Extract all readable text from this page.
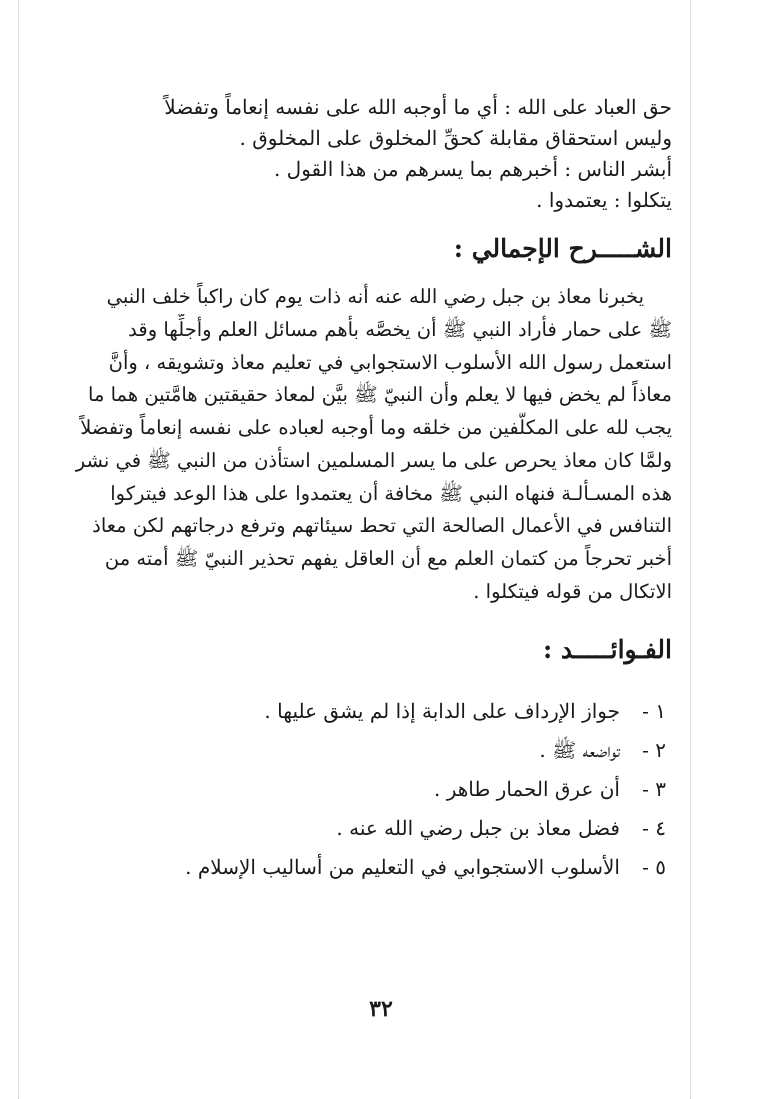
حق العباد على الله : أي ما أوجبه الله على نفسه إنعاماً وتفضلاً
وليس استحقاق مقابلة كحقِّ المخلوق على المخلوق .
أبشر الناس : أخبرهم بما يسرهم من هذا القول .
يتكلوا : يعتمدوا .
الشـــــرح الإجمالي :
يخبرنا معاذ بن جبل رضي الله عنه أنه ذات يوم كان راكباً خلف النبي
ﷺ على حمار فأراد النبي ﷺ أن يخصَّه بأهم مسائل العلم وأجلِّها وقد
استعمل رسول الله الأسلوب الاستجوابي في تعليم معاذ وتشويقه ، وأنَّ
معاذاً لم يخض فيها لا يعلم وأن النبيّ ﷺ بيَّن لمعاذ حقيقتين هامَّتين هما ما
يجب لله على المكلَّفين من خلقه وما أوجبه لعباده على نفسه إنعاماً وتفضلاً
ولمَّا كان معاذ يحرص على ما يسر المسلمين استأذن من النبي ﷺ في نشر
هذه المسـألـة فنهاه النبي ﷺ مخافة أن يعتمدوا على هذا الوعد فيتركوا
التنافس في الأعمال الصالحة التي تحط سيئاتهم وترفع درجاتهم لكن معاذ
أخبر تحرجاً من كتمان العلم مع أن العاقل يفهم تحذير النبيّ ﷺ أمته من
الاتكال من قوله فيتكلوا .
الفـوائـــــد :
١ -
جواز الإرداف على الدابة إذا لم يشق عليها .
٢ -
تواضعه ﷺ .
٣ -
أن عرق الحمار طاهر .
٤ -
فضل معاذ بن جبل رضي الله عنه .
٥ -
الأسلوب الاستجوابي في التعليم من أساليب الإسلام .
٣٢
